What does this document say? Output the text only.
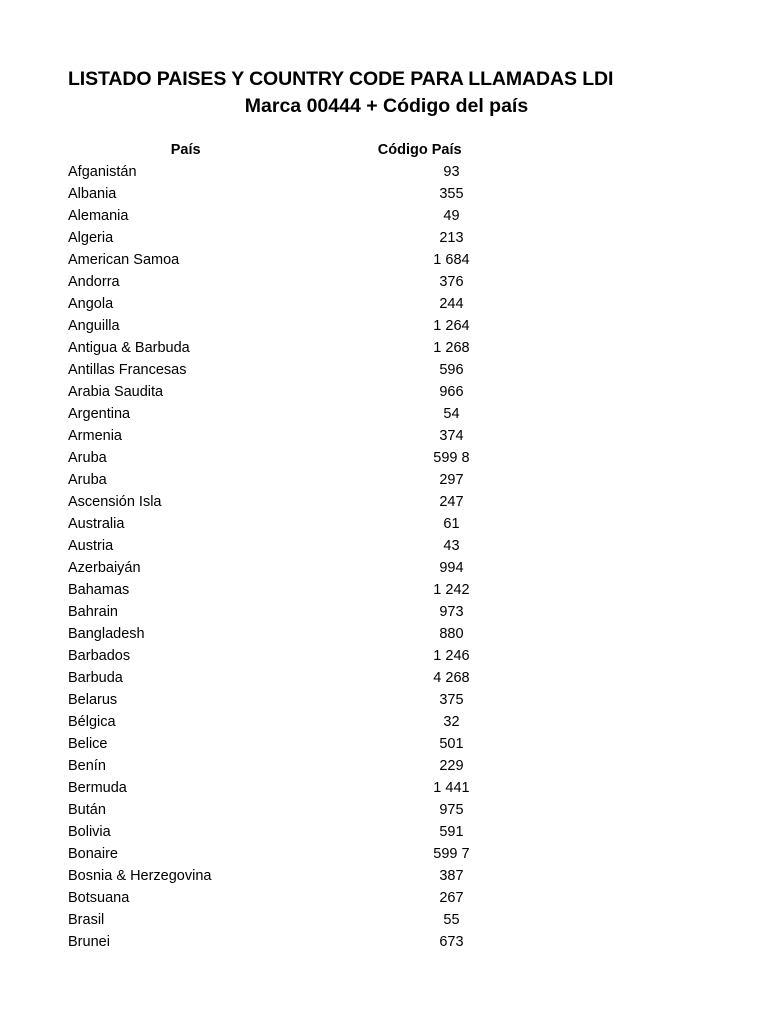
LISTADO PAISES Y COUNTRY CODE PARA LLAMADAS LDI
Marca 00444 + Código del país
País	Código País
Afganistán	93
Albania	355
Alemania	49
Algeria	213
American Samoa	1 684
Andorra	376
Angola	244
Anguilla	1 264
Antigua & Barbuda	1 268
Antillas Francesas	596
Arabia Saudita	966
Argentina	54
Armenia	374
Aruba	599 8
Aruba	297
Ascensión Isla	247
Australia	61
Austria	43
Azerbaiyán	994
Bahamas	1 242
Bahrain	973
Bangladesh	880
Barbados	1 246
Barbuda	4 268
Belarus	375
Bélgica	32
Belice	501
Benín	229
Bermuda	1 441
Bután	975
Bolivia	591
Bonaire	599 7
Bosnia & Herzegovina	387
Botsuana	267
Brasil	55
Brunei	673
